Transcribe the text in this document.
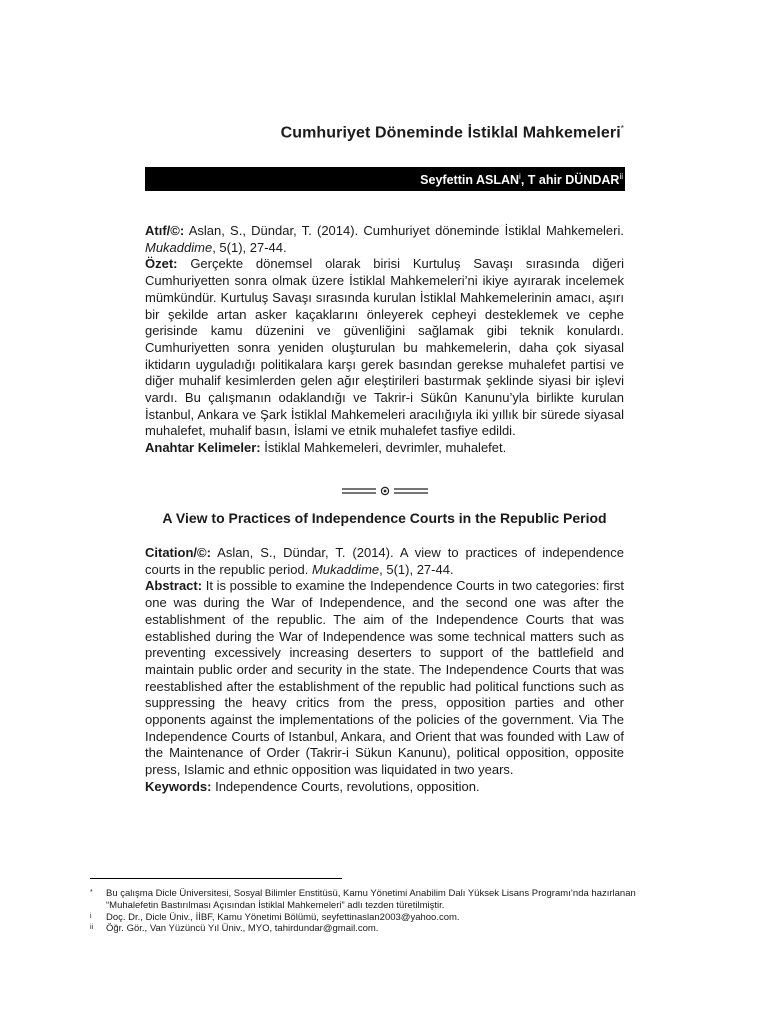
Cumhuriyet Döneminde İstiklal Mahkemeleri*
Seyfettin ASLAN$^i$, T ahir DÜNDAR$^{ii}$

Atıf/©: Aslan, S., Dündar, T. (2014). Cumhuriyet döneminde İstiklal Mahkemeleri. Mukaddime, 5(1), 27-44.

Özet: Gerçekte dönemsel olarak birisi Kurtuluş Savaşı sırasında diğeri Cumhuriyetten sonra olmak üzere İstiklal Mahkemeleri’ni ikiye ayırarak incelemek mümkündür. Kurtuluş Savaşı sırasında kurulan İstiklal Mahkemelerinin amacı, aşırı bir şekilde artan asker kaçaklarını önleyerek cepheyi desteklemek ve cephe gerisinde kamu düzenini ve güvenliğini sağlamak gibi teknik konulardı. Cumhuriyetten sonra yeniden oluşturulan bu mahkemelerin, daha çok siyasal iktidarın uyguladığı politikalara karşı gerek basından gerekse muhalefet partisi ve diğer muhalif kesimlerden gelen ağır eleştirileri bastırmak şeklinde siyasi bir işlevi vardı. Bu çalışmanın odaklandığı ve Takrir-i Sükûn Kanunu’yla birlikte kurulan İstanbul, Ankara ve Şark İstiklal Mahkemeleri aracılığıyla iki yıllık bir sürede siyasal muhalefet, muhalif basın, İslami ve etnik muhalefet tasfiye edildi.

Anahtar Kelimeler: İstiklal Mahkemeleri, devrimler, muhalefet.

A View to Practices of Independence Courts in the Republic Period

Citation/©: Aslan, S., Dündar, T. (2014). A view to practices of independence courts in the republic period. Mukaddime, 5(1), 27-44.

Abstract: It is possible to examine the Independence Courts in two categories: first one was during the War of Independence, and the second one was after the establishment of the republic. The aim of the Independence Courts that was established during the War of Independence was some technical matters such as preventing excessively increasing deserters to support of the battlefield and maintain public order and security in the state. The Independence Courts that was reestablished after the establishment of the republic had political functions such as suppressing the heavy critics from the press, opposition parties and other opponents against the implementations of the policies of the government. Via The Independence Courts of Istanbul, Ankara, and Orient that was founded with Law of the Maintenance of Order (Takrir-i Sükun Kanunu), political opposition, opposite press, Islamic and ethnic opposition was liquidated in two years.

Keywords: Independence Courts, revolutions, opposition.

*	Bu çalışma Dicle Üniversitesi, Sosyal Bilimler Enstitüsü, Kamu Yönetimi Anabilim Dalı Yüksek Lisans Programı’nda hazırlanan “Muhalefetin Bastırılması Açısından İstiklal Mahkemeleri” adlı tezden türetilmiştir.
i	Doç. Dr., Dicle Üniv., İİBF, Kamu Yönetimi Bölümü, seyfettinaslan2003@yahoo.com.
ii	Öğr. Gör., Van Yüzüncü Yıl Üniv., MYO, tahirdundar@gmail.com.
